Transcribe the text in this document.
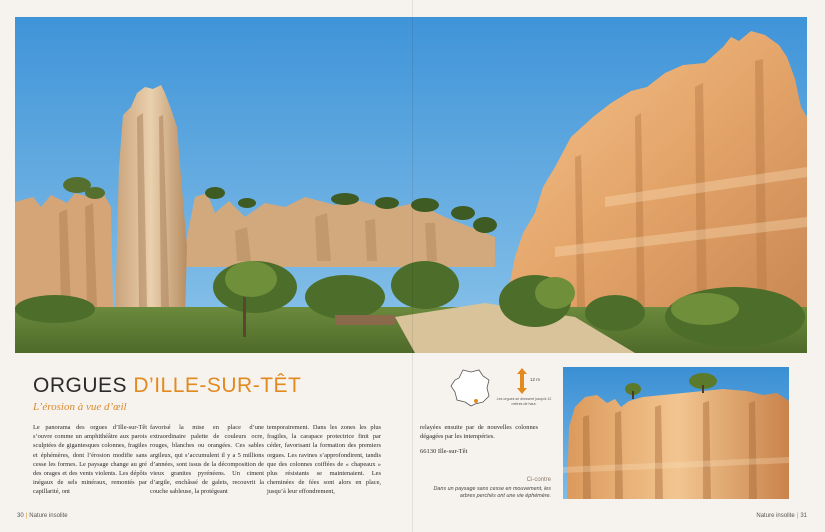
ORGUES D’ILLE-SUR-TÊT
L’érosion à vue d’œil
Le panorama des orgues d’Ille-sur-Têt s’ouvre comme un amphithéâtre aux parois sculptées de gigantesques colonnes, fragiles et éphémères, dont l’érosion modifie sans cesse les formes. Le paysage change au gré des orages et des vents violents. Les dépôts inégaux de sels minéraux, remontés par capillarité, ont
favorisé la mise en place d’une extraordinaire palette de couleurs ocre, rouges, blanches ou orangées. Ces sables argileux, qui s’accumulent il y a 5 millions d’années, sont issus de la décomposition de vieux granites pyrénéens. Un ciment d’argile, enchâssé de galets, recouvrit la couche sableuse, la protégeant
temporairement. Dans les zones les plus fragiles, la carapace protectrice finit par céder, favorisant la formation des premiers orgues. Les ravines s’approfondirent, tandis que des colonnes coiffées de « chapeaux » plus résistants se maintenaient. Les cheminées de fées sont alors en place, jusqu’à leur effondrement,
relayées ensuite par de nouvelles colonnes dégagées par les intempéries.
66130 Ille-sur-Têt
12 m
Les orgues se dressent jusqu’à 12 mètres de haut.
Ci-contre
Dans un paysage sans cesse en mouvement, les arbres perchés ont une vie éphémère.
30 | Nature insolite	Nature insolite | 31
